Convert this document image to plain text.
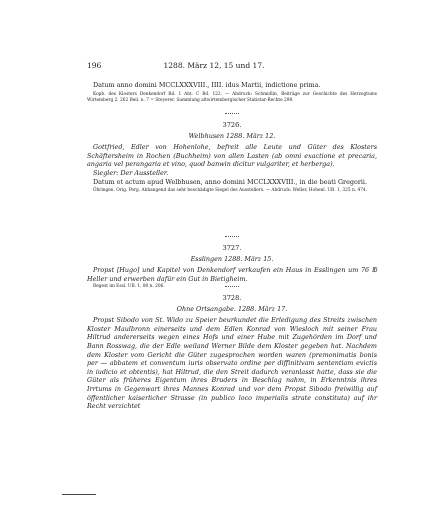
196	1288. März 12, 15 und 17.

Datum anno domini MCCLXXXVIII., IIII. idus Martii, indictione prima.

Kopb. des Klosters Denkendorf Bd. 1 Abt. C Bd. 122. — Abdruck: Schmidlin, Beiträge zur Geschichte des Herzogtums Wirtemberg 2, 262 Beil. n. 7 = Steyerer, Sammlung altwirtembergischer Statistar-Rechte 298.

3726.

Welbhusen 1288. März 12.

Gottfried, Edler von Hohenlohe, befreit alle Leute und Güter des Klosters Schäftersheim in Rochen (Buchheim) von allen Lasten (ab omni exactione et precaria, angaria vel perangaria et vino, quod banwin dicitur vulgariter, et herberga).

Siegler: Der Aussteller.

Datum et actum apud Welbhusen, anno domini MCCLXXXVIII., in die beati Gregorii.

Öhringen. Orig. Perg. Abhangend das sehr beschädigte Siegel des Ausstellers. — Abdruck: Weller, Hohenl. UB. 1, 325 n. 474.

3727.

Esslingen 1288. März 15.

Propst [Hugo] und Kapitel von Denkendorf verkaufen ein Haus in Esslingen um 76 ℔ Heller und erwerben dafür ein Gut in Bietigheim.

Regest im Essl. UB. 1, 80 n. 206.

3728.

Ohne Ortsangabe. 1288. März 17.

Propst Sibodo von St. Wido zu Speier beurkundet die Erledigung des Streits zwischen Kloster Maulbronn einerseits und dem Edlen Konrad von Wiesloch mit seiner Frau Hiltrud andererseits wegen eines Hofs und einer Hube mit Zugehörden im Dorf und Bann Rosswag, die der Edle weiland Werner Bilde dem Kloster gegeben hat. Nachdem dem Kloster vom Gericht die Güter zugesprochen worden waren (premonimatis bonis per — abbatem et conventum iuris observato ordine per diffinitivam sententiam evictis in iudicio et obtentis), hat Hiltrud, die den Streit dadurch veranlasst hatte, dass sie die Güter als früheres Eigentum ihres Bruders in Beschlag nahm, in Erkenntnis ihres Irrtums in Gegenwart ihres Mannes Konrad und vor dem Propst Sibodo freiwillig auf öffentlicher kaiserlicher Strasse (in publico loco imperialis strate constituta) auf ihr Recht verzichtet
